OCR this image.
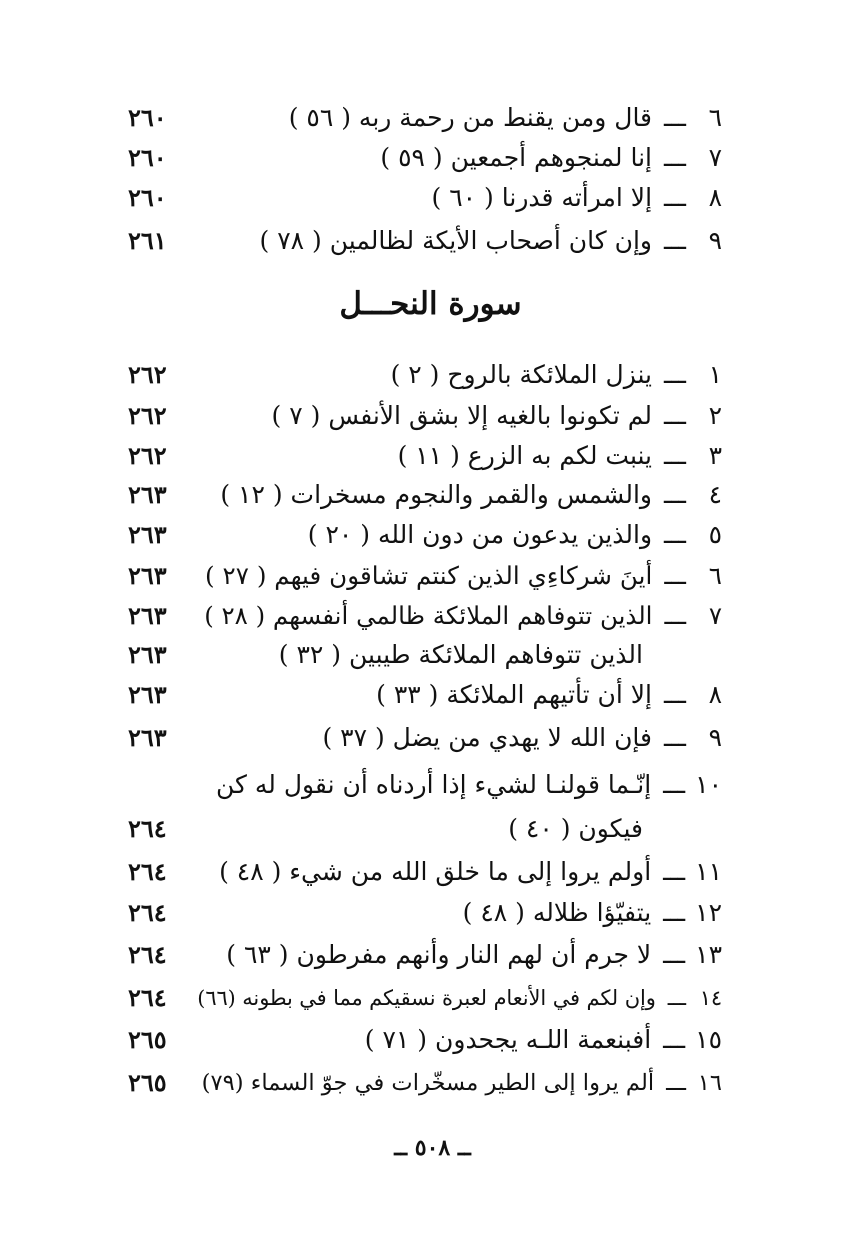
٦ـــقال ومن يقنط من رحمة ربه ( ٥٦ )
٢٦٠
٧ـــإنا لمنجوهم أجمعين ( ٥٩ )
٢٦٠
٨ـــإلا امرأته قدرنا ( ٦٠ )
٢٦٠
٩ـــوإن كان أصحاب الأيكة لظالمين ( ٧٨ )
٢٦١
سورة النحـــل
١ـــينزل الملائكة بالروح ( ٢ )
٢٦٢
٢ـــلم تكونوا بالغيه إلا بشق الأنفس ( ٧ )
٢٦٢
٣ـــينبت لكم به الزرع ( ١١ )
٢٦٢
٤ـــوالشمس والقمر والنجوم مسخرات ( ١٢ )
٢٦٣
٥ـــوالذين يدعون من دون الله ( ٢٠ )
٢٦٣
٦ـــأينَ شركاءِي الذين كنتم تشاقون فيهم ( ٢٧ )
٢٦٣
٧ـــالذين تتوفاهم الملائكة ظالمي أنفسهم ( ٢٨ )
٢٦٣
الذين تتوفاهم الملائكة طيبين ( ٣٢ )
٢٦٣
٨ـــإلا أن تأتيهم الملائكة ( ٣٣ )
٢٦٣
٩ـــفإن الله لا يهدي من يضل ( ٣٧ )
٢٦٣
١٠ـــإنّـما قولنـا لشيء إذا أردناه أن نقول له كن
فيكون ( ٤٠ )
٢٦٤
١١ـــأولم يروا إلى ما خلق الله من شيء ( ٤٨ )
٢٦٤
١٢ـــيتفيّؤا ظلاله ( ٤٨ )
٢٦٤
١٣ـــلا جرم أن لهم النار وأنهم مفرطون ( ٦٣ )
٢٦٤
١٤ـــوإن لكم في الأنعام لعبرة نسقيكم مما في بطونه (٦٦)
٢٦٤
١٥ـــأفبنعمة اللـه يجحدون ( ٧١ )
٢٦٥
١٦ـــألم يروا إلى الطير مسخّرات في جوّ السماء (٧٩)
٢٦٥
ــ ٥٠٨ ــ
